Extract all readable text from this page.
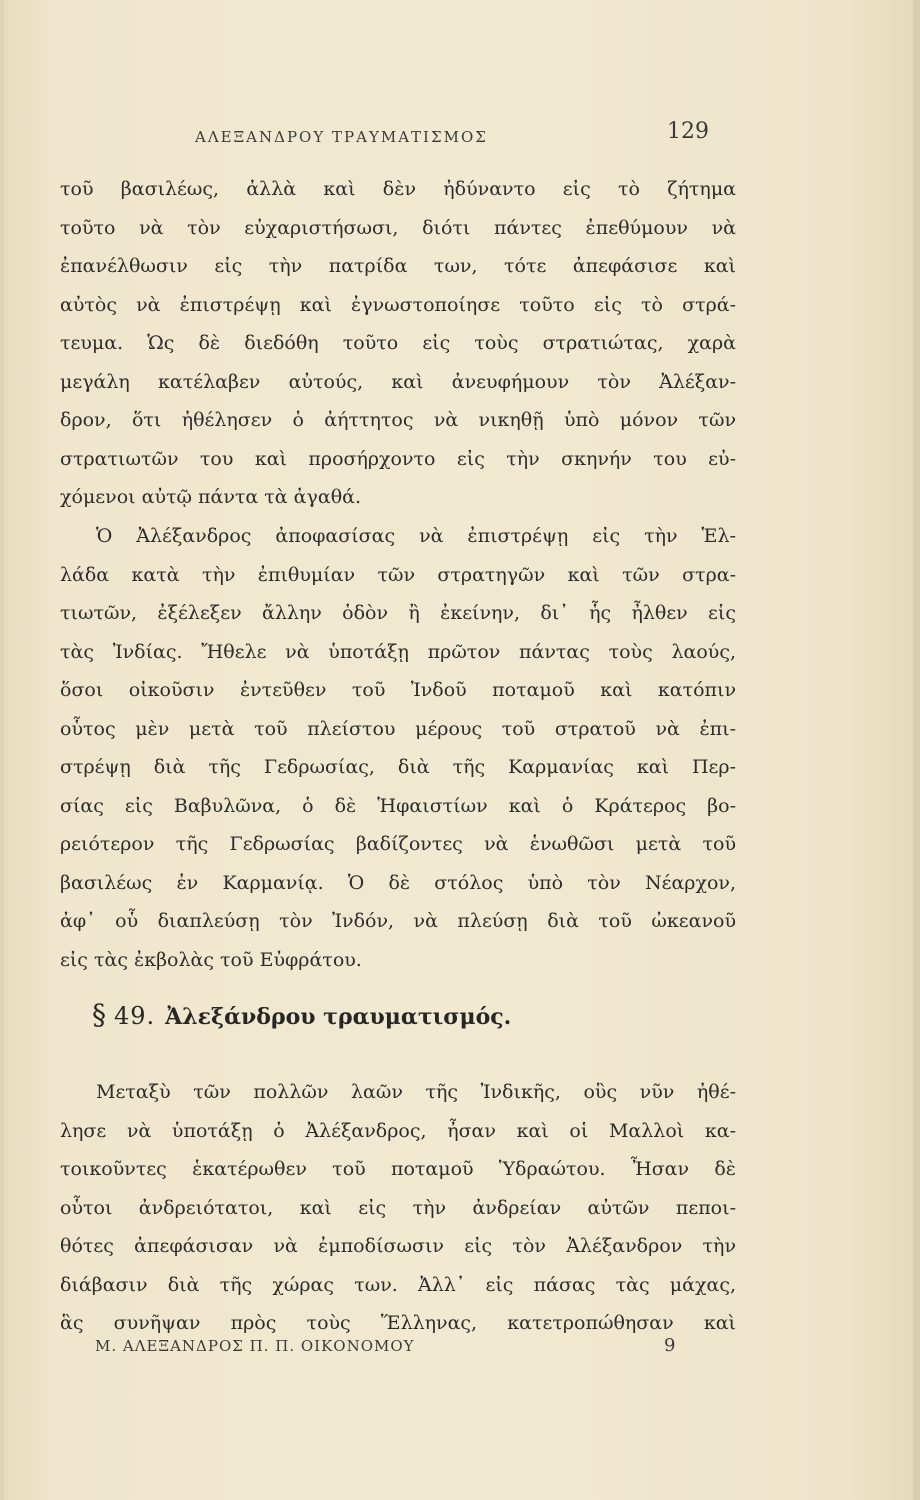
ΑΛΕΞΑΝΔΡΟΥ ΤΡΑΥΜΑΤΙΣΜΟΣ	129
τοῦ βασιλέως, ἀλλὰ καὶ δὲν ἠδύναντο εἰς τὸ ζήτημα
τοῦτο νὰ τὸν εὐχαριστήσωσι, διότι πάντες ἐπεθύμουν νὰ
ἐπανέλθωσιν εἰς τὴν πατρίδα των, τότε ἀπεφάσισε καὶ
αὐτὸς νὰ ἐπιστρέψῃ καὶ ἐγνωστοποίησε τοῦτο εἰς τὸ στρά-
τευμα. Ὡς δὲ διεδόθη τοῦτο εἰς τοὺς στρατιώτας, χαρὰ
μεγάλη κατέλαβεν αὐτούς, καὶ ἀνευφήμουν τὸν Ἀλέξαν-
δρον, ὅτι ἠθέλησεν ὁ ἀήττητος νὰ νικηθῇ ὑπὸ μόνον τῶν
στρατιωτῶν του καὶ προσήρχοντο εἰς τὴν σκηνήν του εὐ-
χόμενοι αὐτῷ πάντα τὰ ἀγαθά.
Ὁ Ἀλέξανδρος ἀποφασίσας νὰ ἐπιστρέψῃ εἰς τὴν Ἑλ-
λάδα κατὰ τὴν ἐπιθυμίαν τῶν στρατηγῶν καὶ τῶν στρα-
τιωτῶν, ἐξέλεξεν ἄλλην ὁδὸν ἢ ἐκείνην, δι᾽ ἧς ἦλθεν εἰς
τὰς Ἰνδίας. Ἤθελε νὰ ὑποτάξῃ πρῶτον πάντας τοὺς λαούς,
ὅσοι οἰκοῦσιν ἐντεῦθεν τοῦ Ἰνδοῦ ποταμοῦ καὶ κατόπιν
οὗτος μὲν μετὰ τοῦ πλείστου μέρους τοῦ στρατοῦ νὰ ἐπι-
στρέψῃ διὰ τῆς Γεδρωσίας, διὰ τῆς Καρμανίας καὶ Περ-
σίας εἰς Βαβυλῶνα, ὁ δὲ Ἡφαιστίων καὶ ὁ Κράτερος βο-
ρειότερον τῆς Γεδρωσίας βαδίζοντες νὰ ἑνωθῶσι μετὰ τοῦ
βασιλέως ἐν Καρμανίᾳ. Ὁ δὲ στόλος ὑπὸ τὸν Νέαρχον,
ἀφ᾽ οὗ διαπλεύσῃ τὸν Ἰνδόν, νὰ πλεύσῃ διὰ τοῦ ὠκεανοῦ
εἰς τὰς ἐκβολὰς τοῦ Εὐφράτου.
§ 49. Ἀλεξάνδρου τραυματισμός.
Μεταξὺ τῶν πολλῶν λαῶν τῆς Ἰνδικῆς, οὓς νῦν ἠθέ-
λησε νὰ ὑποτάξῃ ὁ Ἀλέξανδρος, ἦσαν καὶ οἱ Μαλλοὶ κα-
τοικοῦντες ἑκατέρωθεν τοῦ ποταμοῦ Ὑδραώτου. Ἦσαν δὲ
οὗτοι ἀνδρειότατοι, καὶ εἰς τὴν ἀνδρείαν αὐτῶν πεποι-
θότες ἀπεφάσισαν νὰ ἐμποδίσωσιν εἰς τὸν Ἀλέξανδρον τὴν
διάβασιν διὰ τῆς χώρας των. Ἀλλ᾽ εἰς πάσας τὰς μάχας,
ἃς συνῆψαν πρὸς τοὺς Ἕλληνας, κατετροπώθησαν καὶ
Μ. ΑΛΕΞΑΝΔΡΟΣ Π. Π. ΟΙΚΟΝΟΜΟΥ	9
